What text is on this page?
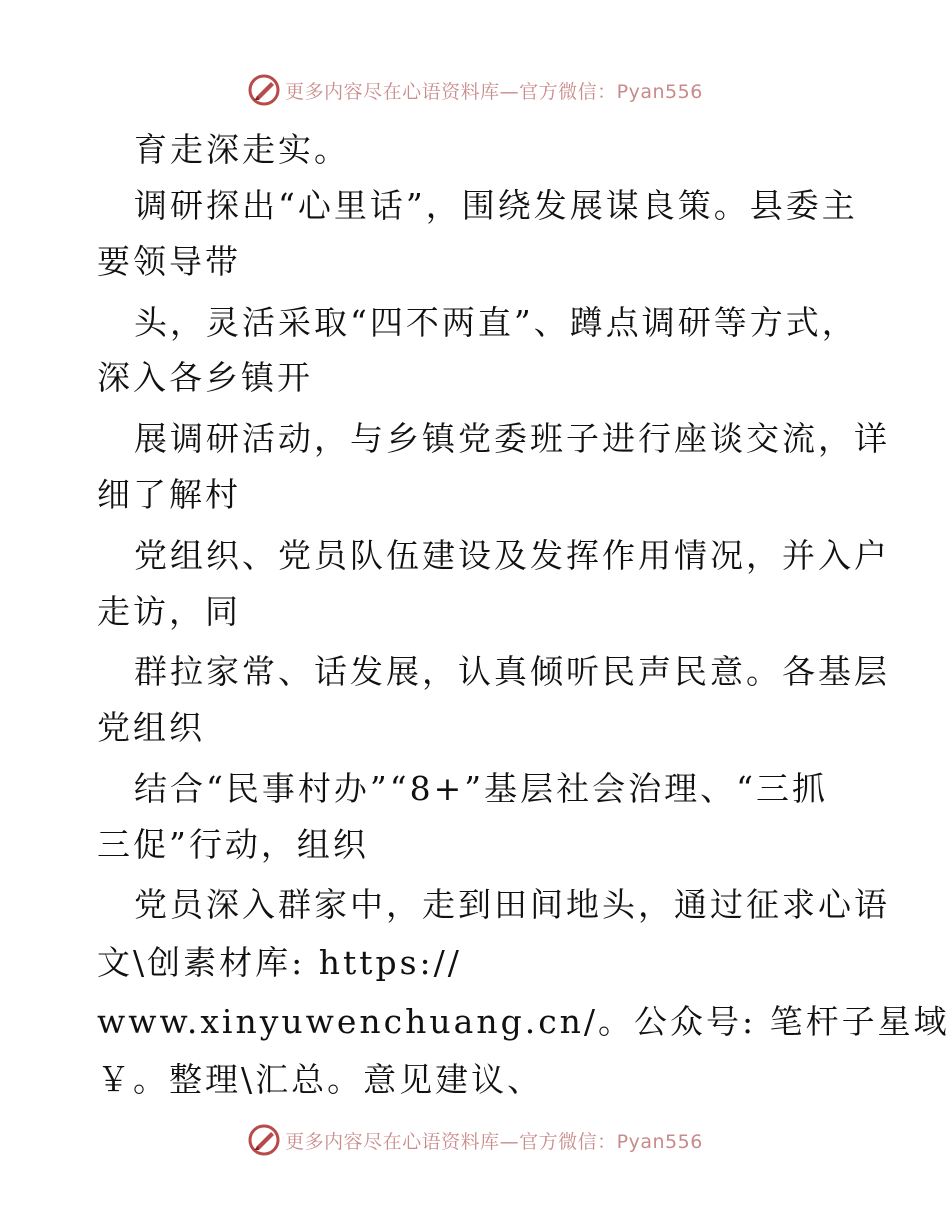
更多内容尽在心语资料库—官方微信：Pyan556
育走深走实。
调研探出“心里话”，围绕发展谋良策。县委主
要领导带
头，灵活采取“四不两直”、蹲点调研等方式，
深入各乡镇开
展调研活动，与乡镇党委班子进行座谈交流，详
细了解村
党组织、党员队伍建设及发挥作用情况，并入户
走访，同
群拉家常、话发展，认真倾听民声民意。各基层
党组织
结合“民事村办”“8+”基层社会治理、“三抓
三促”行动，组织
党员深入群家中，走到田间地头，通过征求心语
文\创素材库: https://
www.xinyuwenchuang.cn/。公众号: 笔杆子星域
￥。整理\汇总。意见建议、
更多内容尽在心语资料库—官方微信：Pyan556
